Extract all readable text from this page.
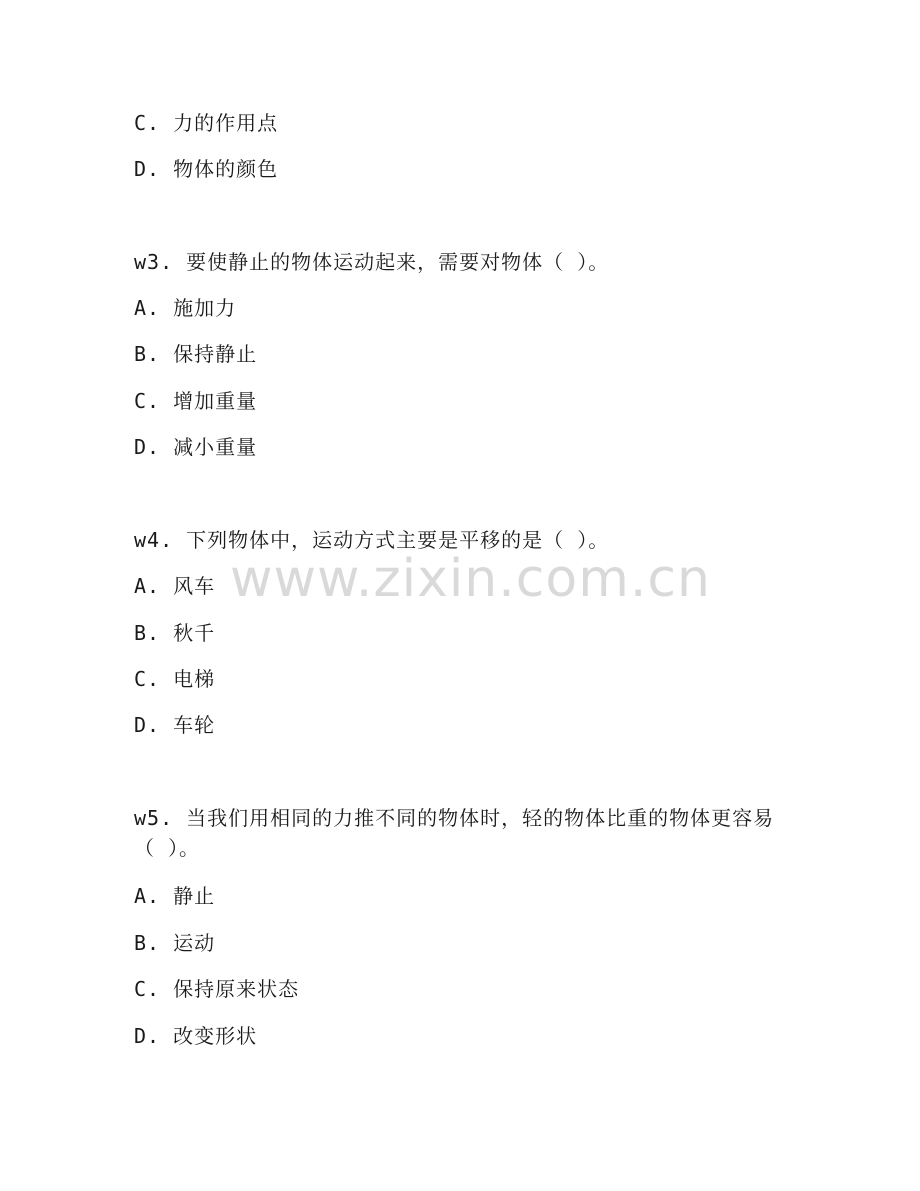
www.zixin.com.cn
C. 力的作用点
D. 物体的颜色
w3. 要使静止的物体运动起来，需要对物体（ ）。
A. 施加力
B. 保持静止
C. 增加重量
D. 减小重量
w4. 下列物体中，运动方式主要是平移的是（ ）。
A. 风车
B. 秋千
C. 电梯
D. 车轮
w5. 当我们用相同的力推不同的物体时，轻的物体比重的物体更容易（ ）。
A. 静止
B. 运动
C. 保持原来状态
D. 改变形状
